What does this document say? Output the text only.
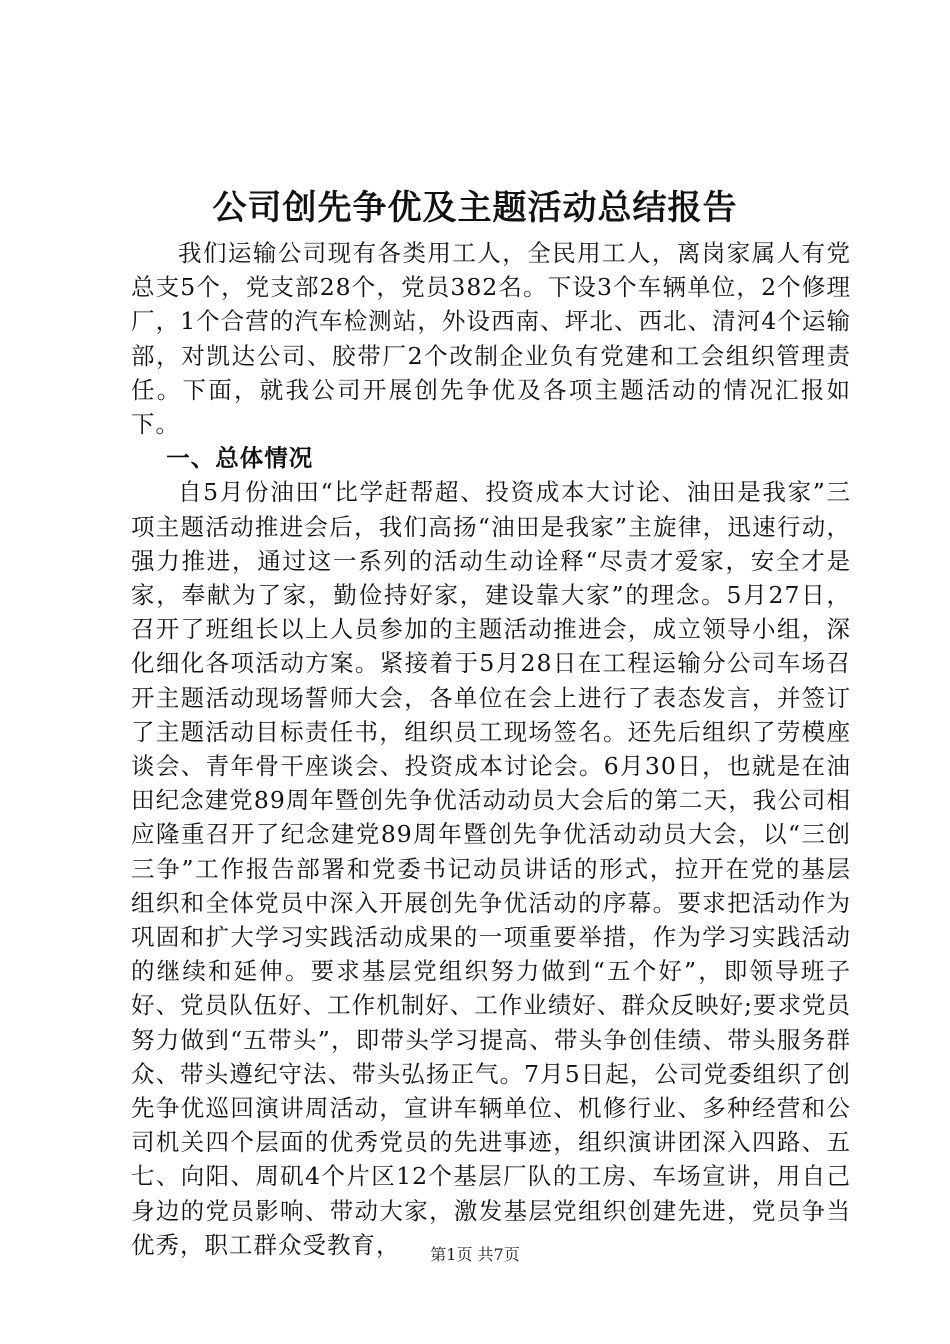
公司创先争优及主题活动总结报告

我们运输公司现有各类用工人，全民用工人，离岗家属人有党总支5个，党支部28个，党员382名。下设3个车辆单位，2个修理厂，1个合营的汽车检测站，外设西南、坪北、西北、清河4个运输部，对凯达公司、胶带厂2个改制企业负有党建和工会组织管理责任。下面，就我公司开展创先争优及各项主题活动的情况汇报如下。

一、总体情况

自5月份油田“比学赶帮超、投资成本大讨论、油田是我家”三项主题活动推进会后，我们高扬“油田是我家”主旋律，迅速行动，强力推进，通过这一系列的活动生动诠释“尽责才爱家，安全才是家，奉献为了家，勤俭持好家，建设靠大家”的理念。5月27日，召开了班组长以上人员参加的主题活动推进会，成立领导小组，深化细化各项活动方案。紧接着于5月28日在工程运输分公司车场召开主题活动现场誓师大会，各单位在会上进行了表态发言，并签订了主题活动目标责任书，组织员工现场签名。还先后组织了劳模座谈会、青年骨干座谈会、投资成本讨论会。6月30日，也就是在油田纪念建党89周年暨创先争优活动动员大会后的第二天，我公司相应隆重召开了纪念建党89周年暨创先争优活动动员大会，以“三创三争”工作报告部署和党委书记动员讲话的形式，拉开在党的基层组织和全体党员中深入开展创先争优活动的序幕。要求把活动作为巩固和扩大学习实践活动成果的一项重要举措，作为学习实践活动的继续和延伸。要求基层党组织努力做到“五个好”，即领导班子好、党员队伍好、工作机制好、工作业绩好、群众反映好;要求党员努力做到“五带头”，即带头学习提高、带头争创佳绩、带头服务群众、带头遵纪守法、带头弘扬正气。7月5日起，公司党委组织了创先争优巡回演讲周活动，宣讲车辆单位、机修行业、多种经营和公司机关四个层面的优秀党员的先进事迹，组织演讲团深入四路、五七、向阳、周矶4个片区12个基层厂队的工房、车场宣讲，用自己身边的党员影响、带动大家，激发基层党组织创建先进，党员争当优秀，职工群众受教育，	第1页 共7页
